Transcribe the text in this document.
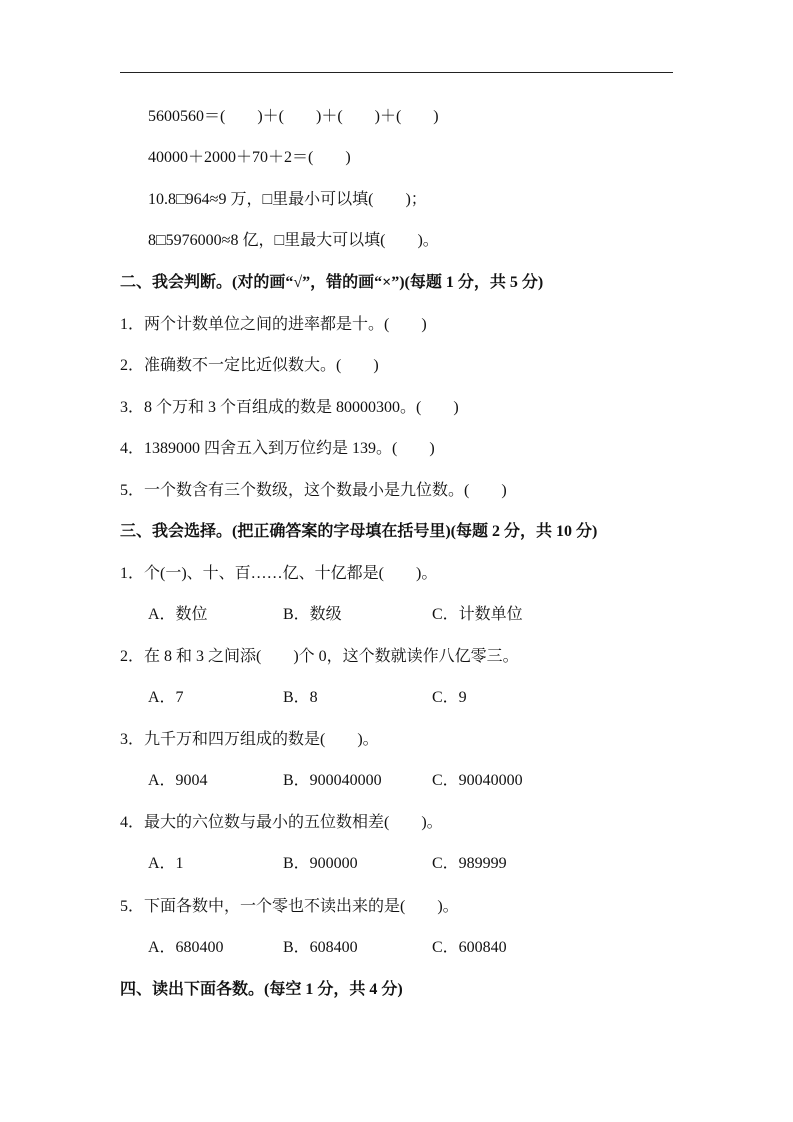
5600560＝(　　)＋(　　)＋(　　)＋(　　)
40000＋2000＋70＋2＝(　　)
10.8□964≈9 万，□里最小可以填(　　)；
8□5976000≈8 亿，□里最大可以填(　　)。
二、我会判断。(对的画“√”，错的画“×”)(每题 1 分，共 5 分)
1．两个计数单位之间的进率都是十。(　　)
2．准确数不一定比近似数大。(　　)
3．8 个万和 3 个百组成的数是 80000300。(　　)
4．1389000 四舍五入到万位约是 139。(　　)
5．一个数含有三个数级，这个数最小是九位数。(　　)
三、我会选择。(把正确答案的字母填在括号里)(每题 2 分，共 10 分)
1．个(一)、十、百……亿、十亿都是(　　)。
A．数位	B．数级	C．计数单位
2．在 8 和 3 之间添(　　)个 0，这个数就读作八亿零三。
A．7	B．8	C．9
3．九千万和四万组成的数是(　　)。
A．9004	B．900040000	C．90040000
4．最大的六位数与最小的五位数相差(　　)。
A．1	B．900000	C．989999
5．下面各数中，一个零也不读出来的是(　　)。
A．680400	B．608400	C．600840
四、读出下面各数。(每空 1 分，共 4 分)
